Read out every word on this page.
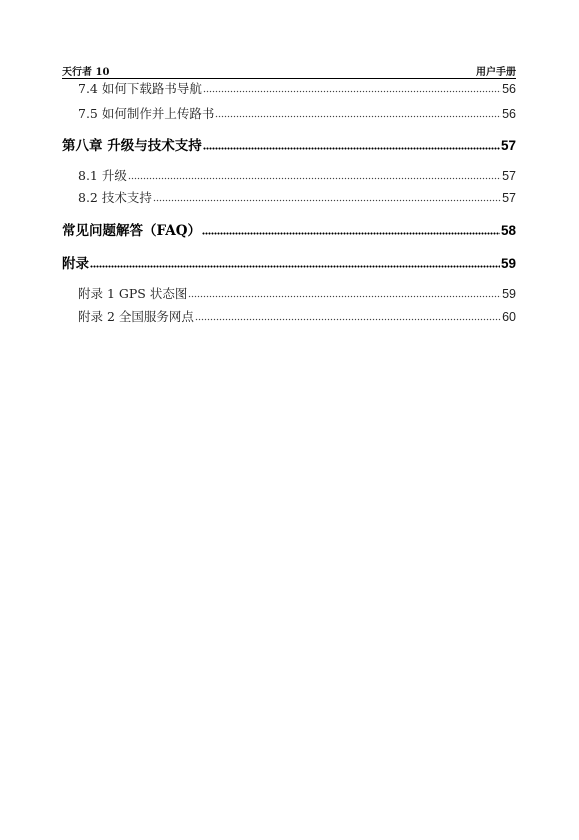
天行者 10	用户手册
7.4 如何下载路书导航	56
7.5 如何制作并上传路书	56
第八章 升级与技术支持	57
8.1 升级	57
8.2 技术支持	57
常见问题解答（FAQ）	58
附录	59
附录 1 GPS 状态图	59
附录 2 全国服务网点	60
